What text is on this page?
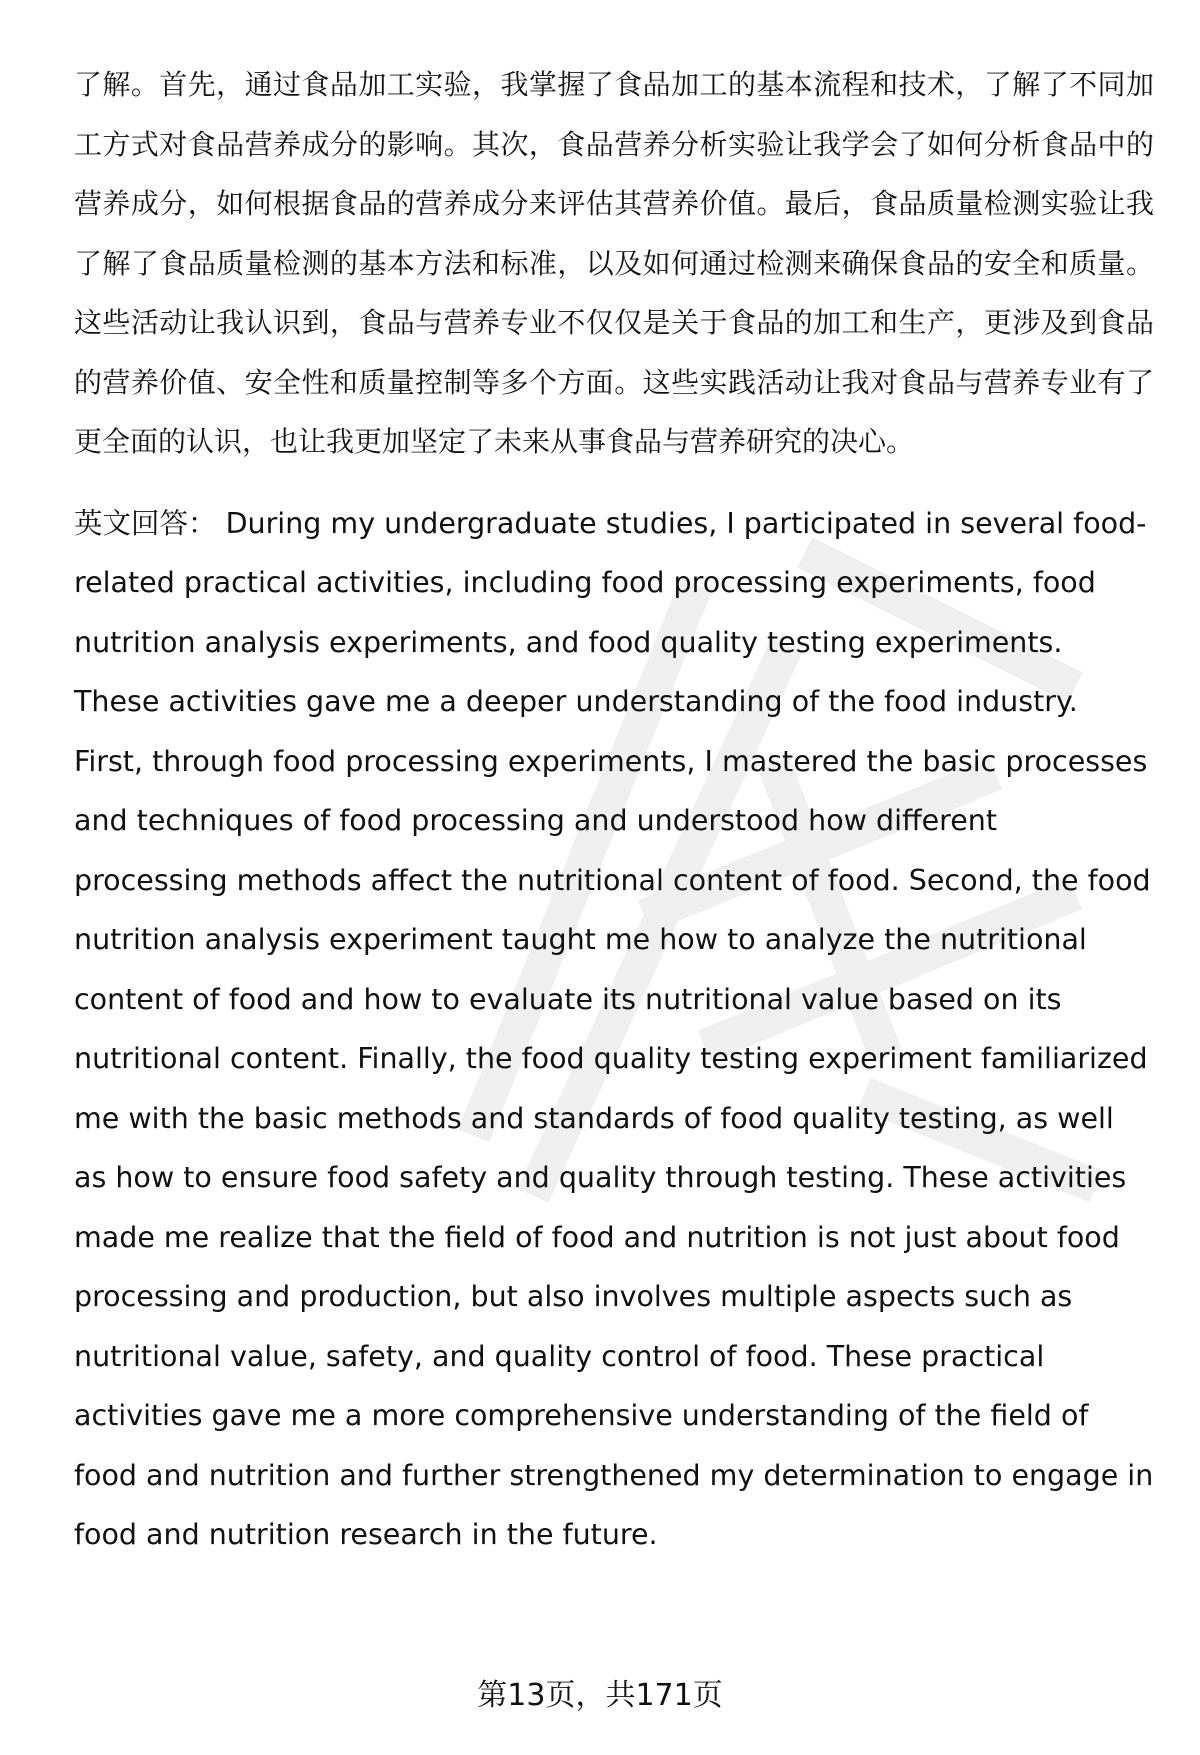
了解。首先，通过食品加工实验，我掌握了食品加工的基本流程和技术，了解了不同加工方式对食品营养成分的影响。其次，食品营养分析实验让我学会了如何分析食品中的营养成分，如何根据食品的营养成分来评估其营养价值。最后，食品质量检测实验让我了解了食品质量检测的基本方法和标准，以及如何通过检测来确保食品的安全和质量。这些活动让我认识到，食品与营养专业不仅仅是关于食品的加工和生产，更涉及到食品的营养价值、安全性和质量控制等多个方面。这些实践活动让我对食品与营养专业有了更全面的认识，也让我更加坚定了未来从事食品与营养研究的决心。

英文回答： During my undergraduate studies, I participated in several food-related practical activities, including food processing experiments, food nutrition analysis experiments, and food quality testing experiments. These activities gave me a deeper understanding of the food industry. First, through food processing experiments, I mastered the basic processes and techniques of food processing and understood how different processing methods affect the nutritional content of food. Second, the food nutrition analysis experiment taught me how to analyze the nutritional content of food and how to evaluate its nutritional value based on its nutritional content. Finally, the food quality testing experiment familiarized me with the basic methods and standards of food quality testing, as well as how to ensure food safety and quality through testing. These activities made me realize that the field of food and nutrition is not just about food processing and production, but also involves multiple aspects such as nutritional value, safety, and quality control of food. These practical activities gave me a more comprehensive understanding of the field of food and nutrition and further strengthened my determination to engage in food and nutrition research in the future.

第13页，共171页
